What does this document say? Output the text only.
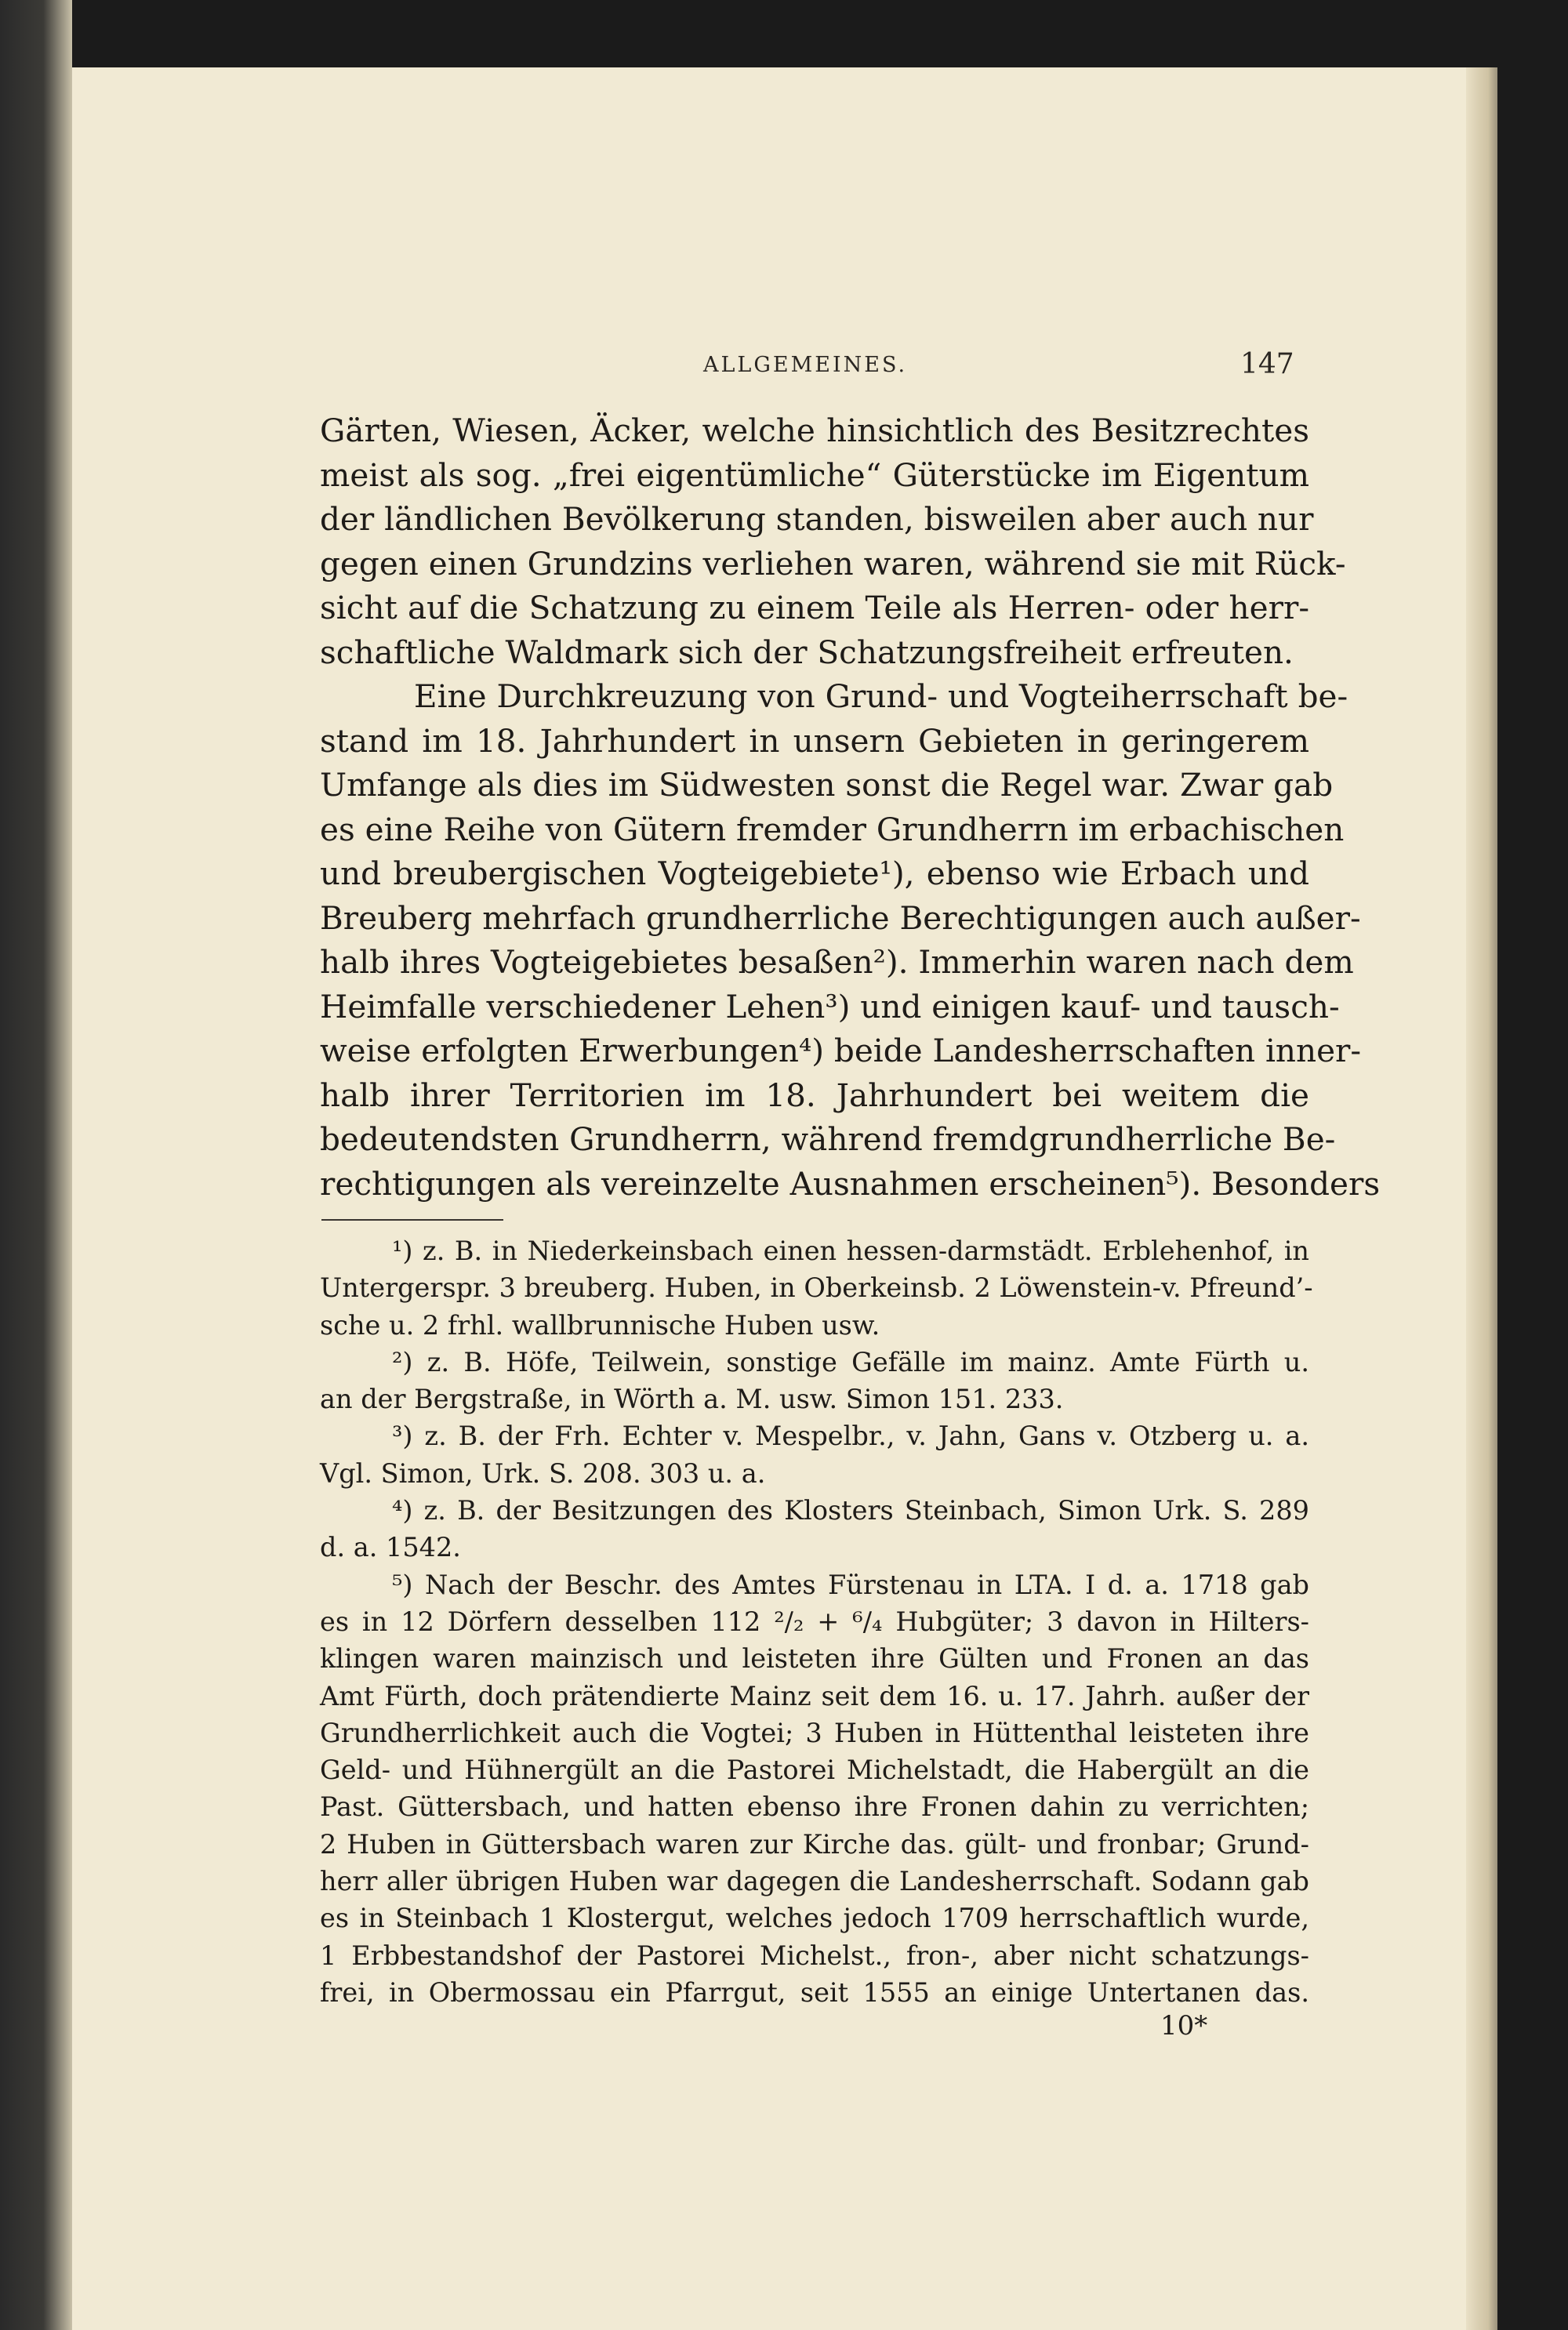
ALLGEMEINES.	147
Gärten, Wiesen, Äcker, welche hinsichtlich des Besitzrechtes
meist als sog. „frei eigentümliche“ Güterstücke im Eigentum
der ländlichen Bevölkerung standen, bisweilen aber auch nur
gegen einen Grundzins verliehen waren, während sie mit Rück-
sicht auf die Schatzung zu einem Teile als Herren- oder herr-
schaftliche Waldmark sich der Schatzungsfreiheit erfreuten.
Eine Durchkreuzung von Grund- und Vogteiherrschaft be-
stand im 18. Jahrhundert in unsern Gebieten in geringerem
Umfange als dies im Südwesten sonst die Regel war. Zwar gab
es eine Reihe von Gütern fremder Grundherrn im erbachischen
und breubergischen Vogteigebiete¹), ebenso wie Erbach und
Breuberg mehrfach grundherrliche Berechtigungen auch außer-
halb ihres Vogteigebietes besaßen²). Immerhin waren nach dem
Heimfalle verschiedener Lehen³) und einigen kauf- und tausch-
weise erfolgten Erwerbungen⁴) beide Landesherrschaften inner-
halb ihrer Territorien im 18. Jahrhundert bei weitem die
bedeutendsten Grundherrn, während fremdgrundherrliche Be-
rechtigungen als vereinzelte Ausnahmen erscheinen⁵). Besonders
¹) z. B. in Niederkeinsbach einen hessen-darmstädt. Erblehenhof, in
Untergerspr. 3 breuberg. Huben, in Oberkeinsb. 2 Löwenstein-v. Pfreund’-
sche u. 2 frhl. wallbrunnische Huben usw.
²) z. B. Höfe, Teilwein, sonstige Gefälle im mainz. Amte Fürth u.
an der Bergstraße, in Wörth a. M. usw. Simon 151. 233.
³) z. B. der Frh. Echter v. Mespelbr., v. Jahn, Gans v. Otzberg u. a.
Vgl. Simon, Urk. S. 208. 303 u. a.
⁴) z. B. der Besitzungen des Klosters Steinbach, Simon Urk. S. 289
d. a. 1542.
⁵) Nach der Beschr. des Amtes Fürstenau in LTA. I d. a. 1718 gab
es in 12 Dörfern desselben 112 ²/₂ + ⁶/₄ Hubgüter; 3 davon in Hilters-
klingen waren mainzisch und leisteten ihre Gülten und Fronen an das
Amt Fürth, doch prätendierte Mainz seit dem 16. u. 17. Jahrh. außer der
Grundherrlichkeit auch die Vogtei; 3 Huben in Hüttenthal leisteten ihre
Geld- und Hühnergült an die Pastorei Michelstadt, die Habergült an die
Past. Güttersbach, und hatten ebenso ihre Fronen dahin zu verrichten;
2 Huben in Güttersbach waren zur Kirche das. gült- und fronbar; Grund-
herr aller übrigen Huben war dagegen die Landesherrschaft. Sodann gab
es in Steinbach 1 Klostergut, welches jedoch 1709 herrschaftlich wurde,
1 Erbbestandshof der Pastorei Michelst., fron-, aber nicht schatzungs-
frei, in Obermossau ein Pfarrgut, seit 1555 an einige Untertanen das.
10*
